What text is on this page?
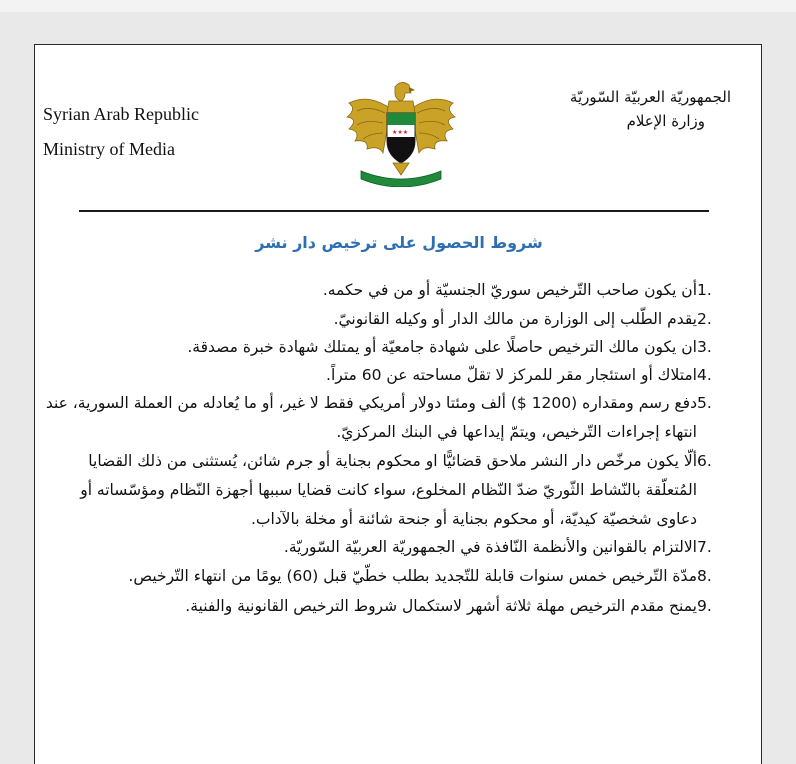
Syrian Arab Republic
Ministry of Media
الجمهوريّة العربيّة السّوريّة
وزارة الإعلام
★★★
شروط الحصول على ترخيص دار نشر
1.
أن يكون صاحب التّرخيص سوريّ الجنسيّة أو من في حكمه.
2.
يقدم الطّلب إلى الوزارة من مالك الدار أو وكيله القانونيّ.
3.
ان يكون مالك الترخيص حاصلًا على شهادة جامعيّة أو يمتلك شهادة خبرة مصدقة.
4.
امتلاك أو استئجار مقر للمركز لا تقلّ مساحته عن 60 متراً.
5.
دفع رسم ومقداره (1200 $) ألف ومئتا دولار أمريكي فقط لا غير، أو ما يُعادله من العملة السورية، عند انتهاء إجراءات التّرخيص، ويتمّ إيداعها في البنك المركزيّ.
6.
ألّا يكون مرخّص دار النشر ملاحق قضائيًّا او محكوم بجناية أو جرم شائن، يُستثنى من ذلك القضايا المُتعلّقة بالنّشاط الثّوريّ ضدّ النّظام المخلوع، سواء كانت قضايا سببها أجهزة النّظام ومؤسّساته أو دعاوى شخصيّة كيديّة، أو محكوم بجناية أو جنحة شائنة أو مخلة بالآداب.
7.
الالتزام بالقوانين والأنظمة النّافذة في الجمهوريّة العربيّة السّوريّة.
8.
مدّة التّرخيص خمس سنوات قابلة للتّجديد بطلب خطّيّ قبل (60) يومًا من انتهاء التّرخيص.
9.
يمنح مقدم الترخيص مهلة ثلاثة أشهر لاستكمال شروط الترخيص القانونية والفنية.
